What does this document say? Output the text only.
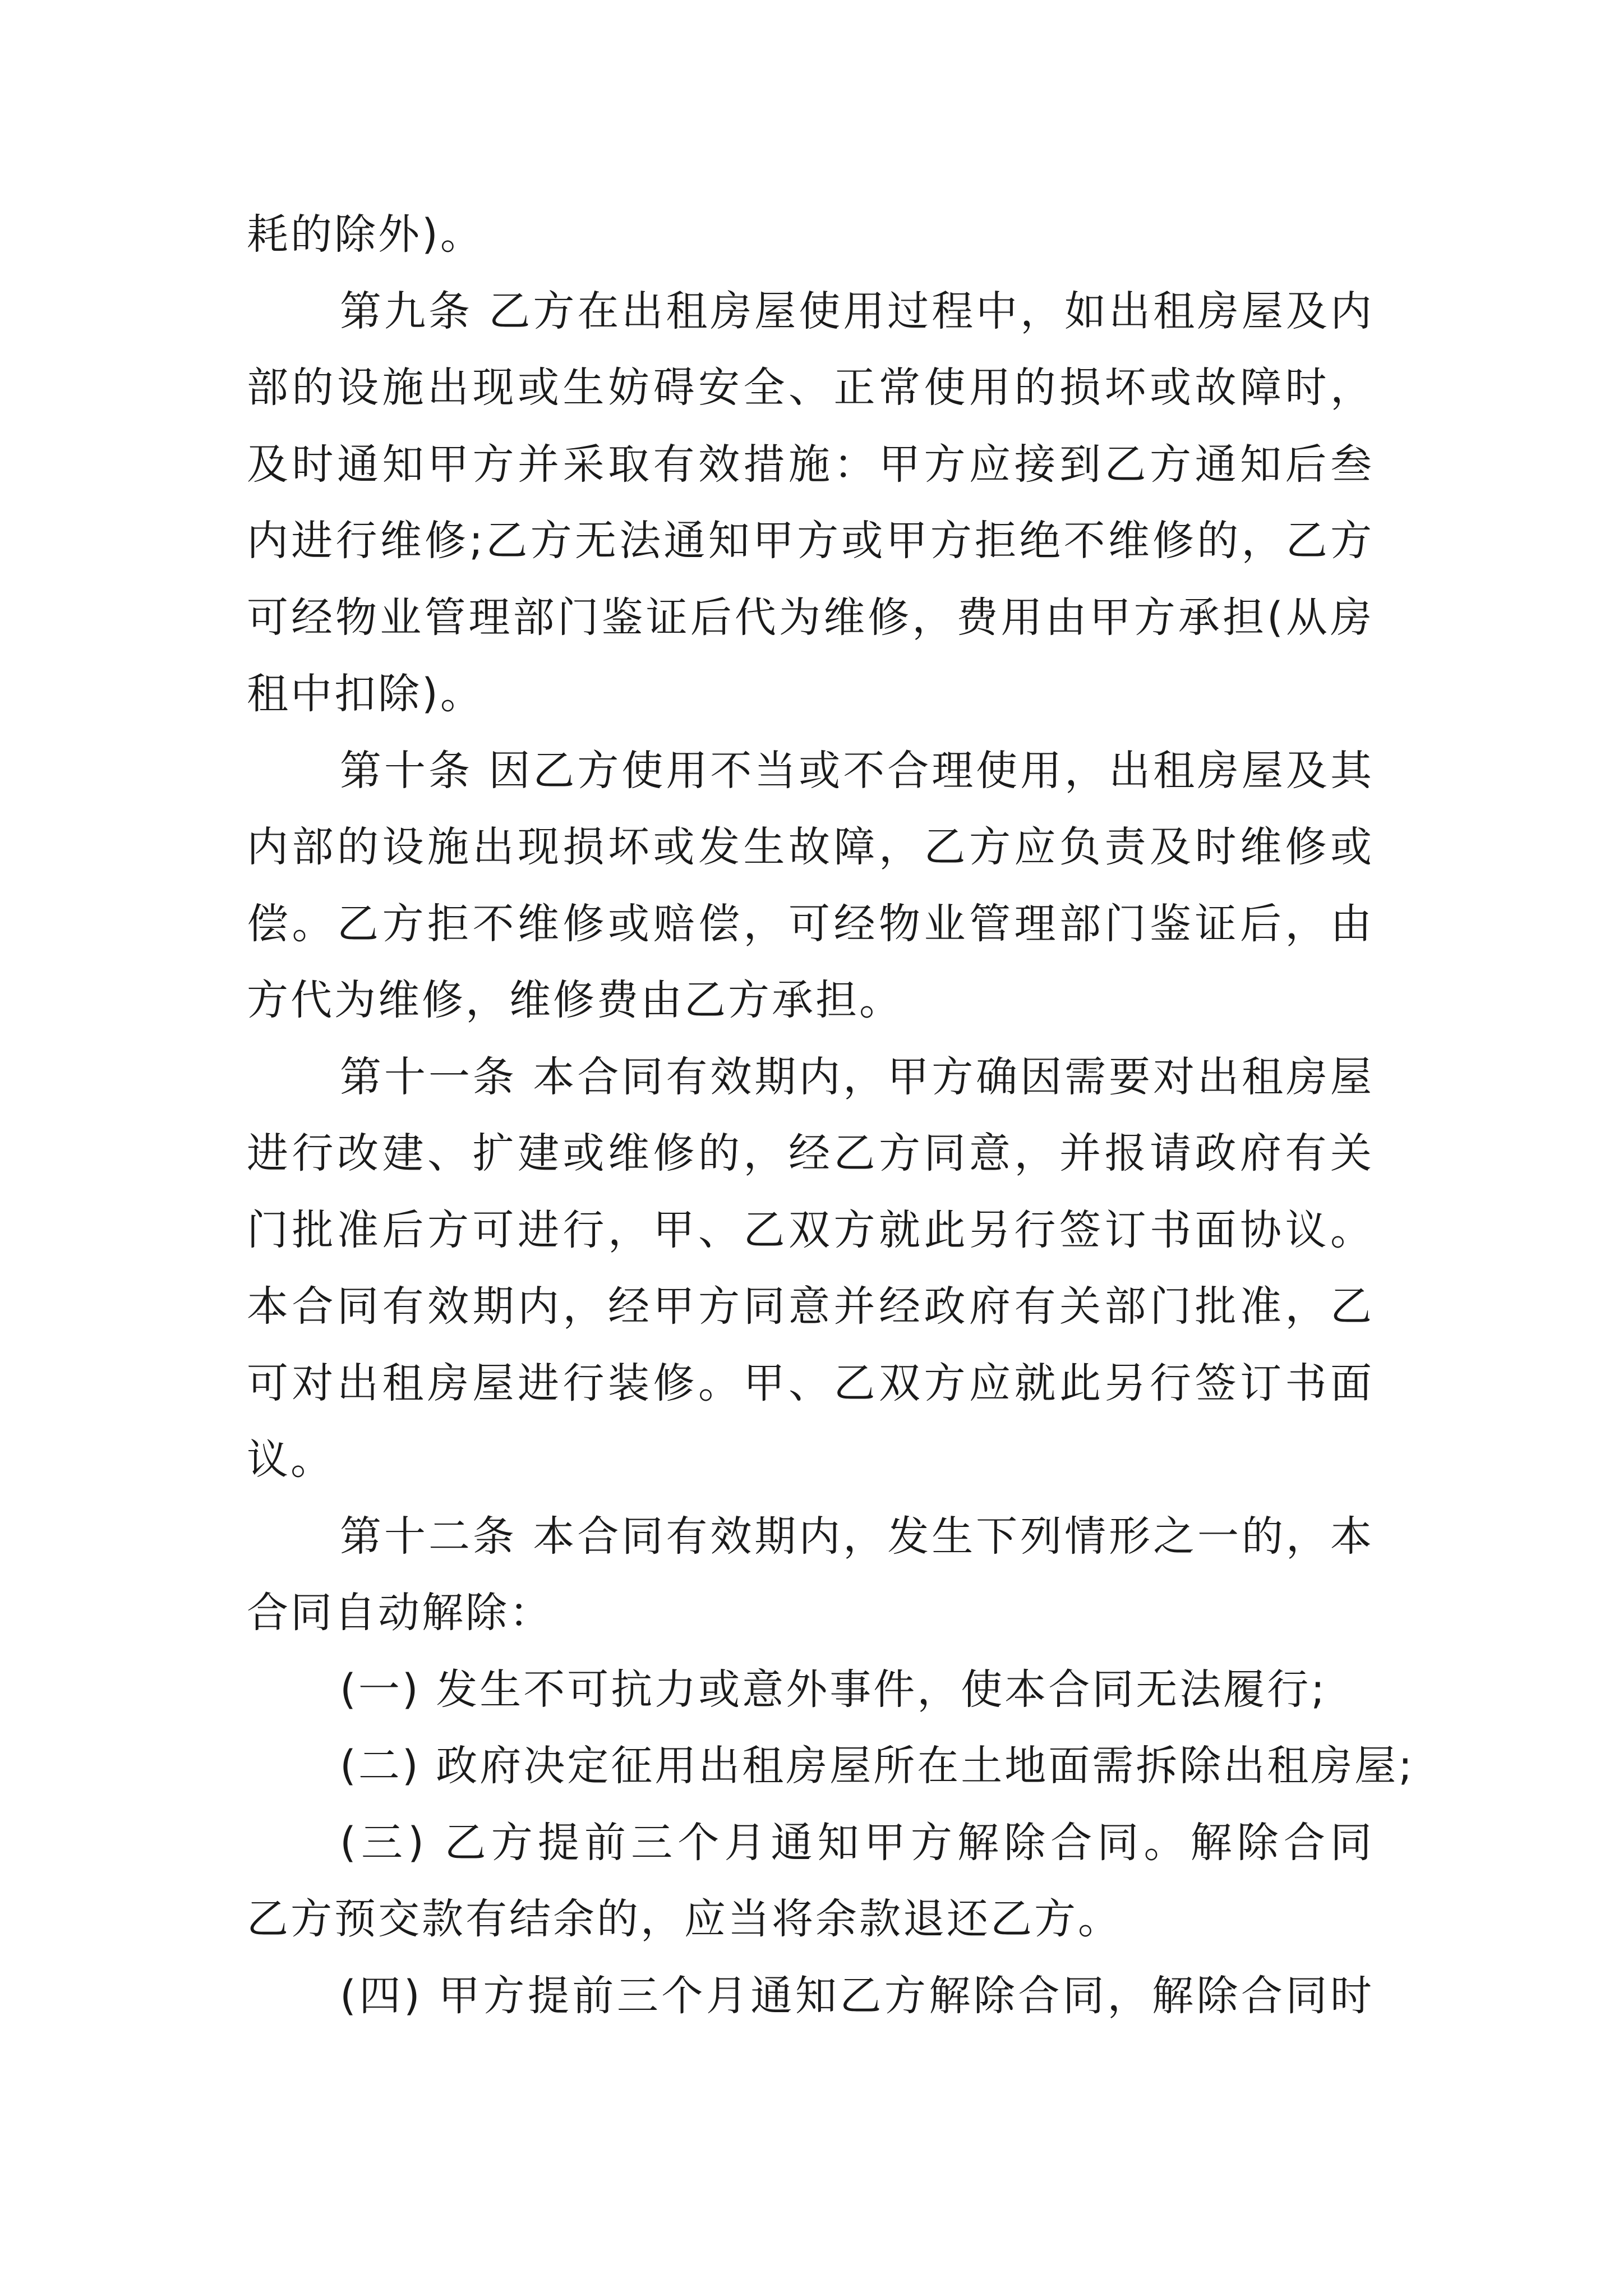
耗的除外)。
第九条 乙方在出租房屋使用过程中，如出租房屋及内
部的设施出现或生妨碍安全、正常使用的损坏或故障时，
及时通知甲方并采取有效措施：甲方应接到乙方通知后叁
内进行维修;乙方无法通知甲方或甲方拒绝不维修的，乙方
可经物业管理部门鉴证后代为维修，费用由甲方承担(从房
租中扣除)。
第十条 因乙方使用不当或不合理使用，出租房屋及其
内部的设施出现损坏或发生故障，乙方应负责及时维修或
偿。乙方拒不维修或赔偿，可经物业管理部门鉴证后，由
方代为维修，维修费由乙方承担。
第十一条 本合同有效期内，甲方确因需要对出租房屋
进行改建、扩建或维修的，经乙方同意，并报请政府有关
门批准后方可进行，甲、乙双方就此另行签订书面协议。
本合同有效期内，经甲方同意并经政府有关部门批准，乙
可对出租房屋进行装修。甲、乙双方应就此另行签订书面
议。
第十二条 本合同有效期内，发生下列情形之一的，本
合同自动解除：
(一) 发生不可抗力或意外事件，使本合同无法履行;
(二) 政府决定征用出租房屋所在土地面需拆除出租房屋;
(三) 乙方提前三个月通知甲方解除合同。解除合同
乙方预交款有结余的，应当将余款退还乙方。
(四) 甲方提前三个月通知乙方解除合同，解除合同时
